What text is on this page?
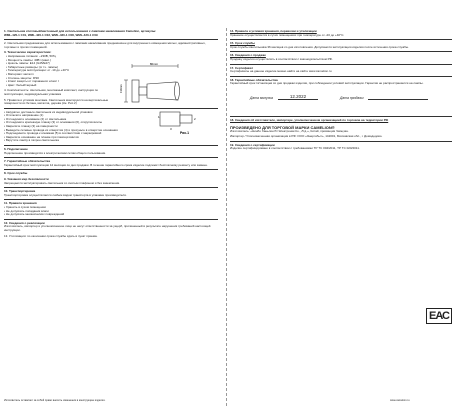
1. Светильник спотовый/настенный для использования с лампами накаливания Camelion, артикулы:
WML-420-1 C01, WML-420-1 C02, WML-420-1 C08, WML-420-1 C09
2. Светильник предназначен для использования с лампами накаливания предназначен для внутреннего освещения жилых, административных, торговых и прочих помещений.
3. Технические характеристики:
• Напряжение питания: ~230В, 50Гц
• Мощность лампы: 40Вт (макс.)
• Цоколь лампы: E14 (G45/E27)
• Габаритные размеры: (в т.ч. лампы)
• Температура эксплуатации: от -10 до +40°С
• Материал: металл
• Степень защиты: IP20
• Класс защиты от поражения: класс I
• Цвет: белый/черный
4. Комплектность: светильник, монтажный комплект, инструкция по эксплуатации, индивидуальная упаковка
5. Правила и условия монтажа. Светильник монтируется на вертикальные поверхности из бетона, металла, дерева (см. Рис.2)
• Аккуратно достаньте светильник из индивидуальной упаковки
• Отключите напряжение (1)
• Отсоедините основание (2) от светильника
• Отсоедините крепежную планку (3) от основания (6), открутив винты
• Закрепите планку (3) на поверхности
• Выведите сетевые провода из отверстия (4) и просуньте в отверстие основания
• Подсоедините провода к клеммам (5) в соответствии с маркировкой
• Закрепите основание на планке при помощи винтов
• Вкрутите лампу в патрон светильника
6. Подключение
Подключение производится к электрическим сетям общего пользования.
7. Гарантийные обязательства
Гарантийный срок эксплуатации 12 месяцев со дня продажи. В течение гарантийного срока изделие подлежит бесплатному ремонту или замене.
8. Срок службы
9. Указания мер безопасности
Запрещается эксплуатировать светильник со снятым плафоном и без заземления.
10. Транспортировка
Транспортировка осуществляется любым видом транспорта в упаковке производителя.
11. Правила хранения
• Хранить в сухом помещении
• Не допускать попадания влаги
• Не допускать механических повреждений
12. Сведения о реализации
Изготовитель, импортер и уполномоченное лицо не несут ответственности за ущерб, причиненный в результате нарушения требований настоящей инструкции.
13. Утилизация: по окончании срока службы сдать в пункт приема.
80mm
130mm
1	2
3
Рис.1
14. Правила и условия хранения, перевозки и утилизации
Хранение осуществляется в сухих помещениях при температуре от -20 до +40°С.
15. Срок службы
Срок службы светильника 36 месяцев со дня изготовления. Допускается эксплуатация изделия после истечения срока службы.
16. Сведения о продаже
Продажу изделия осуществлять в соответствии с законодательством РФ.
17. Сертификат
Сертификаты на данное изделие можно найти на сайте www.camelion.ru
18. Гарантийные обязательства
Гарантийный срок 12 месяцев со дня продажи изделия, при соблюдении условий эксплуатации. Гарантия не распространяется на лампы.
Дата выпуска	12.2022	Дата продажи
18. Сведения об изготовителе, импортере, уполномоченном организацией по торговле на территории РФ
ПРОИЗВЕДЕНО ДЛЯ ТОРГОВОЙ МАРКИ CAMELION®
Изготовитель: «Нинбо Ханьлин Ю Электроник Ко., Лтд.», Китай, провинция Чжэцзян.
Импортер / Уполномоченная организация в РФ: ООО «Энергобыт», 142001, Московская обл., г. Домодедово.
19. Сведения о сертификации
Изделие сертифицировано в соответствии с требованиями ТР ТС 004/2011, ТР ТС 020/2011.
ЕАС
Изготовитель оставляет за собой право вносить изменения в конструкцию изделия.	www.camelion.ru
